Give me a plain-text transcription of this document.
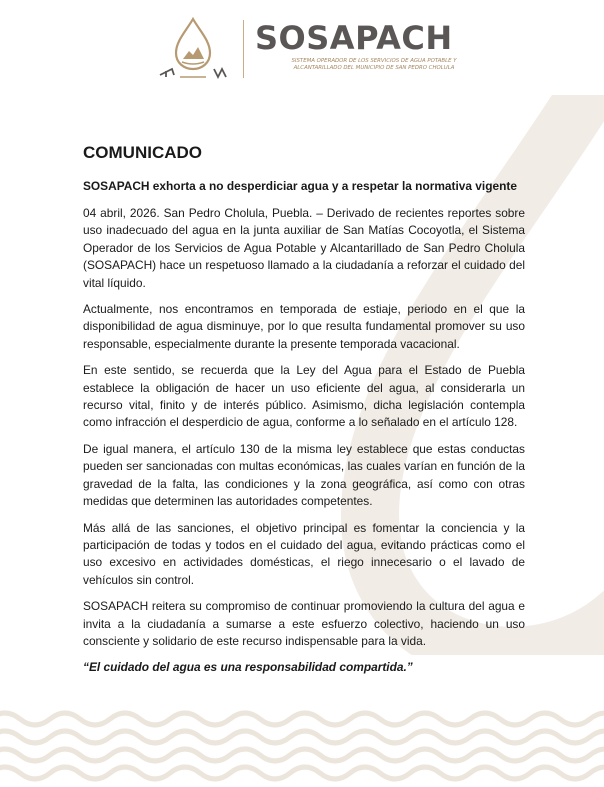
SOSAPACH
SISTEMA OPERADOR DE LOS SERVICIOS DE AGUA POTABLE Y ALCANTARILLADO DEL MUNICIPIO DE SAN PEDRO CHOLULA
COMUNICADO

SOSAPACH exhorta a no desperdiciar agua y a respetar la normativa vigente

04 abril, 2026. San Pedro Cholula, Puebla. – Derivado de recientes reportes sobre uso inadecuado del agua en la junta auxiliar de San Matías Cocoyotla, el Sistema Operador de los Servicios de Agua Potable y Alcantarillado de San Pedro Cholula (SOSAPACH) hace un respetuoso llamado a la ciudadanía a reforzar el cuidado del vital líquido.

Actualmente, nos encontramos en temporada de estiaje, periodo en el que la disponibilidad de agua disminuye, por lo que resulta fundamental promover su uso responsable, especialmente durante la presente temporada vacacional.

En este sentido, se recuerda que la Ley del Agua para el Estado de Puebla establece la obligación de hacer un uso eficiente del agua, al considerarla un recurso vital, finito y de interés público. Asimismo, dicha legislación contempla como infracción el desperdicio de agua, conforme a lo señalado en el artículo 128.

De igual manera, el artículo 130 de la misma ley establece que estas conductas pueden ser sancionadas con multas económicas, las cuales varían en función de la gravedad de la falta, las condiciones y la zona geográfica, así como con otras medidas que determinen las autoridades competentes.

Más allá de las sanciones, el objetivo principal es fomentar la conciencia y la participación de todas y todos en el cuidado del agua, evitando prácticas como el uso excesivo en actividades domésticas, el riego innecesario o el lavado de vehículos sin control.

SOSAPACH reitera su compromiso de continuar promoviendo la cultura del agua e invita a la ciudadanía a sumarse a este esfuerzo colectivo, haciendo un uso consciente y solidario de este recurso indispensable para la vida.

“El cuidado del agua es una responsabilidad compartida.”
